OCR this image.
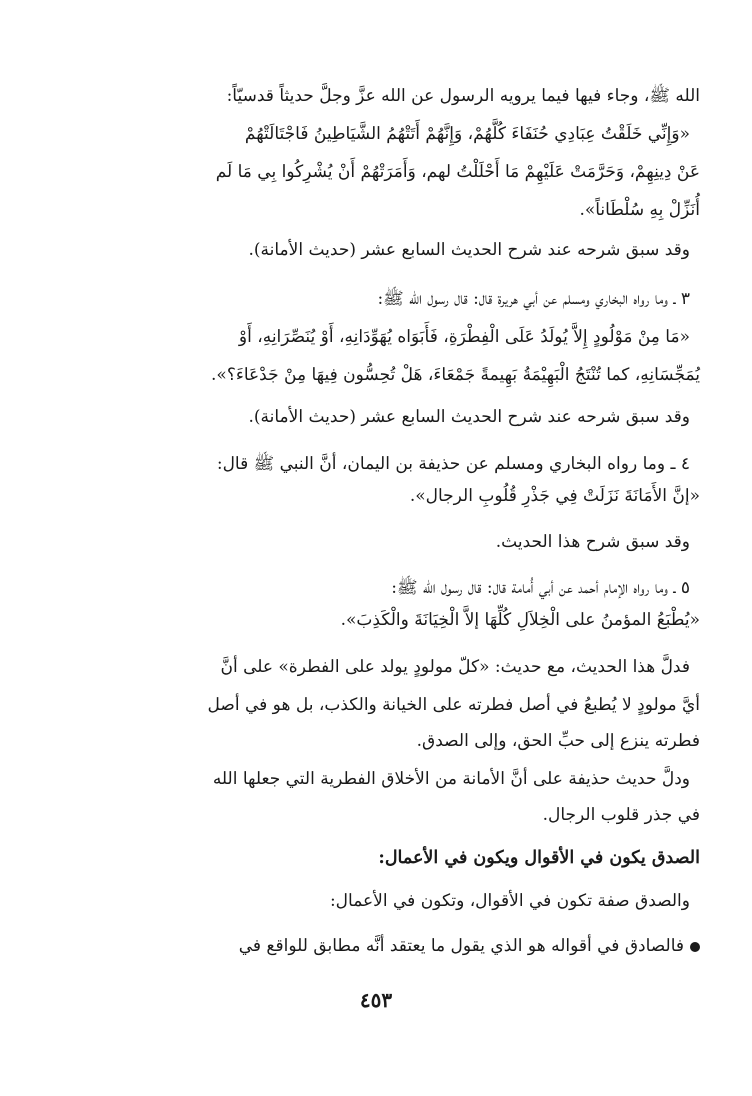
الله ﷺ، وجاء فيها فيما يرويه الرسول عن الله عزَّ وجلَّ حديثاً قدسيّاً:
«وَإِنِّي خَلَقْتُ عِبَادِي حُنَفَاءَ كُلَّهُمْ، وَإِنَّهُمْ أَتَتْهُمُ الشَّيَاطِينُ فَاجْتَالَتْهُمْ
عَنْ دِينِهِمْ، وَحَرَّمَتْ عَلَيْهِمْ مَا أَحْلَلْتُ لهم، وَأَمَرَتْهُمْ أَنْ يُشْرِكُوا بِي مَا لَم
أُنَزِّلْ بِهِ سُلْطَاناً».
وقد سبق شرحه عند شرح الحديث السابع عشر (حديث الأمانة).
٣ ـ وما رواه البخاري ومسلم عن أبي هريرة قال: قال رسول الله ﷺ:
«مَا مِنْ مَوْلُودٍ إِلاَّ يُولَدُ عَلَى الْفِطْرَةِ، فَأَبَوَاه يُهَوِّدَانِهِ، أَوْ يُنَصِّرَانِهِ، أَوْ
يُمَجِّسَانِهِ، كما تُنْتَجُ الْبَهِيْمَةُ بَهِيمةً جَمْعَاءَ، هَلْ تُحِسُّون فِيهَا مِنْ جَدْعَاءَ؟».
وقد سبق شرحه عند شرح الحديث السابع عشر (حديث الأمانة).
٤ ـ وما رواه البخاري ومسلم عن حذيفة بن اليمان، أنَّ النبي ﷺ قال:
«إنَّ الأَمَانَةَ نَزَلَتْ فِي جَذْرِ قُلُوبِ الرجال».
وقد سبق شرح هذا الحديث.
٥ ـ وما رواه الإمام أحمد عن أبي أُمامة قال: قال رسول الله ﷺ:
«يُطْبَعُ المؤمنُ على الْخِلاَلِ كُلِّهَا إلاَّ الْخِيَانَةَ والْكَذِبَ».
فدلَّ هذا الحديث، مع حديث: «كلّ مولودٍ يولد على الفطرة» على أنَّ
أيَّ مولودٍ لا يُطبعُ في أصل فطرته على الخيانة والكذب، بل هو في أصل
فطرته ينزع إلى حبِّ الحق، وإلى الصدق.
ودلَّ حديث حذيفة على أنَّ الأمانة من الأخلاق الفطرية التي جعلها الله
في جذر قلوب الرجال.
الصدق يكون في الأقوال ويكون في الأعمال:
والصدق صفة تكون في الأقوال، وتكون في الأعمال:
فالصادق في أقواله هو الذي يقول ما يعتقد أنَّه مطابق للواقع في
٤٥٣
